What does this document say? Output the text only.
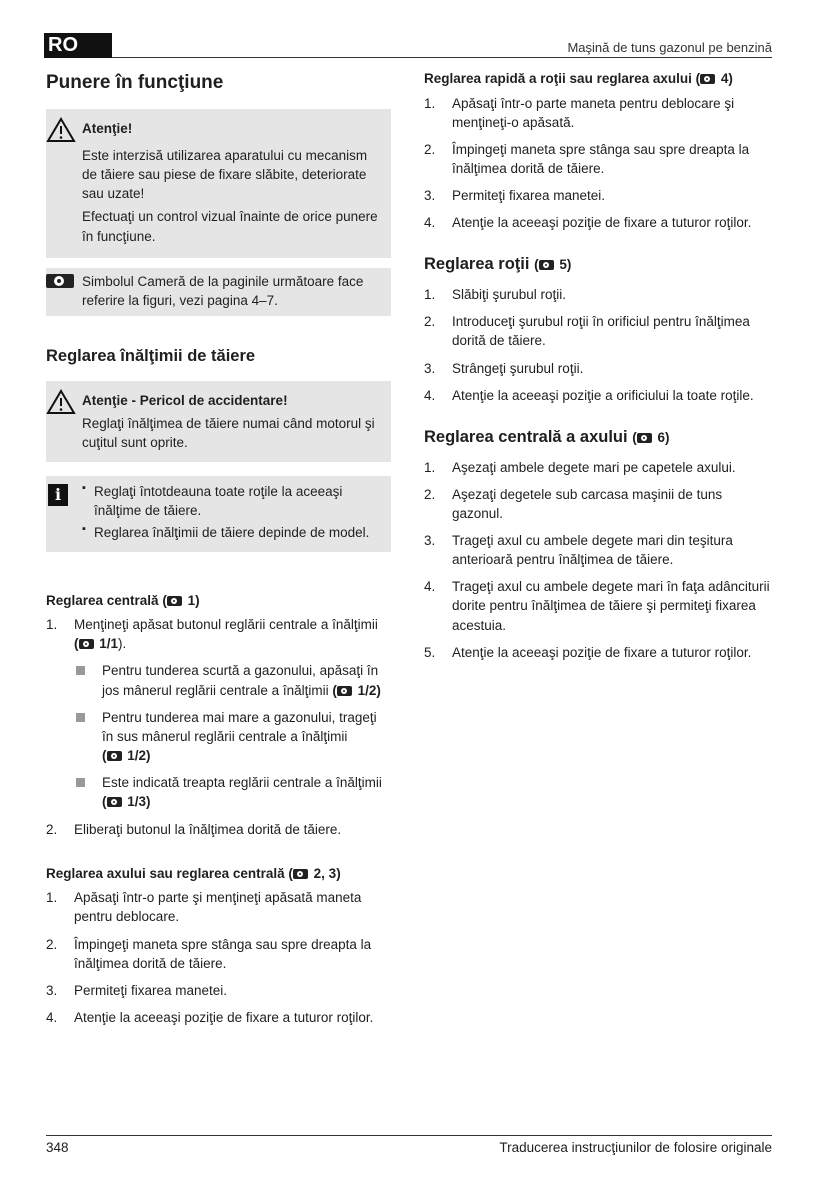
RO	Maşină de tuns gazonul pe benzină
Punere în funcţiune
Atenţie!

Este interzisă utilizarea aparatului cu mecanism de tăiere sau piese de fixare slăbite, deteriorate sau uzate!

Efectuaţi un control vizual înainte de orice punere în funcţiune.

Simbolul Cameră de la paginile următoare face referire la figuri, vezi pagina 4–7.
Reglarea înălţimii de tăiere
Atenţie - Pericol de accidentare!

Reglaţi înălţimea de tăiere numai când motorul şi cuţitul sunt oprite.

i
▪	Reglaţi întotdeauna toate roţile la aceeaşi înălţime de tăiere.
▪ Reglarea înălţimii de tăiere depinde de model.
Reglarea centrală ( 1)
1. Menţineţi apăsat butonul reglării centrale a înălţimii ( 1/1).
Pentru tunderea scurtă a gazonului, apăsaţi în jos mânerul reglării centrale a înălţimii ( 1/2)
Pentru tunderea mai mare a gazonului, trageţi în sus mânerul reglării centrale a înălţimii ( 1/2)
Este indicată treapta reglării centrale a înălţimii ( 1/3)
2. Eliberaţi butonul la înălţimea dorită de tăiere.
Reglarea axului sau reglarea centrală ( 2, 3)
1. Apăsaţi într-o parte şi menţineţi apăsată maneta pentru deblocare.
2. Împingeţi maneta spre stânga sau spre dreapta la înălţimea dorită de tăiere.
3. Permiteţi fixarea manetei.
4. Atenţie la aceeaşi poziţie de fixare a tuturor roţilor.
Reglarea rapidă a roţii sau reglarea axului ( 4)
1. Apăsaţi într-o parte maneta pentru deblocare şi menţineţi-o apăsată.
2. Împingeţi maneta spre stânga sau spre dreapta la înălţimea dorită de tăiere.
3. Permiteţi fixarea manetei.
4. Atenţie la aceeaşi poziţie de fixare a tuturor roţilor.
Reglarea roţii ( 5)
1. Slăbiţi şurubul roţii.
2. Introduceţi şurubul roţii în orificiul pentru înălţimea dorită de tăiere.
3. Strângeţi şurubul roţii.
4. Atenţie la aceeaşi poziţie a orificiului la toate roţile.
Reglarea centrală a axului ( 6)
1. Aşezaţi ambele degete mari pe capetele axului.
2. Aşezaţi degetele sub carcasa maşinii de tuns gazonul.
3. Trageţi axul cu ambele degete mari din teşitura anterioară pentru înălţimea de tăiere.
4. Trageţi axul cu ambele degete mari în faţa adânciturii dorite pentru înălţimea de tăiere şi permiteţi fixarea acestuia.
5. Atenţie la aceeaşi poziţie de fixare a tuturor roţilor.
348	Traducerea instrucţiunilor de folosire originale
